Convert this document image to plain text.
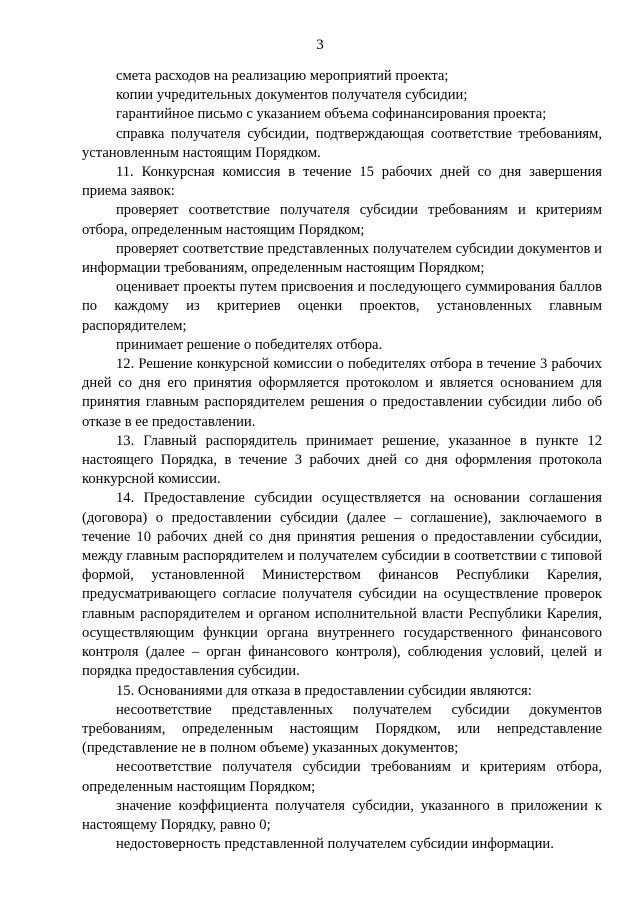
3

смета расходов на реализацию мероприятий проекта;

копии учредительных документов получателя субсидии;

гарантийное письмо с указанием объема софинансирования проекта;

справка получателя субсидии, подтверждающая соответствие требованиям, установленным настоящим Порядком.

11. Конкурсная комиссия в течение 15 рабочих дней со дня завершения приема заявок:

проверяет соответствие получателя субсидии требованиям и критериям отбора, определенным настоящим Порядком;

проверяет соответствие представленных получателем субсидии документов и информации требованиям, определенным настоящим Порядком;

оценивает проекты путем присвоения и последующего суммирования баллов по каждому из критериев оценки проектов, установленных главным распорядителем;

принимает решение о победителях отбора.

12. Решение конкурсной комиссии о победителях отбора в течение 3 рабочих дней со дня его принятия оформляется протоколом и является основанием для принятия главным распорядителем решения о предоставлении субсидии либо об отказе в ее предоставлении.

13. Главный распорядитель принимает решение, указанное в пункте 12 настоящего Порядка, в течение 3 рабочих дней со дня оформления протокола конкурсной комиссии.

14. Предоставление субсидии осуществляется на основании соглашения (договора) о предоставлении субсидии (далее – соглашение), заключаемого в течение 10 рабочих дней со дня принятия решения о предоставлении субсидии, между главным распорядителем и получателем субсидии в соответствии с типовой формой, установленной Министерством финансов Республики Карелия, предусматривающего согласие получателя субсидии на осуществление проверок главным распорядителем и органом исполнительной власти Республики Карелия, осуществляющим функции органа внутреннего государственного финансового контроля (далее – орган финансового контроля), соблюдения условий, целей и порядка предоставления субсидии.

15. Основаниями для отказа в предоставлении субсидии являются:

несоответствие представленных получателем субсидии документов требованиям, определенным настоящим Порядком, или непредставление (представление не в полном объеме) указанных документов;

несоответствие получателя субсидии требованиям и критериям отбора, определенным настоящим Порядком;

значение коэффициента получателя субсидии, указанного в приложении к настоящему Порядку, равно 0;

недостоверность представленной получателем субсидии информации.
